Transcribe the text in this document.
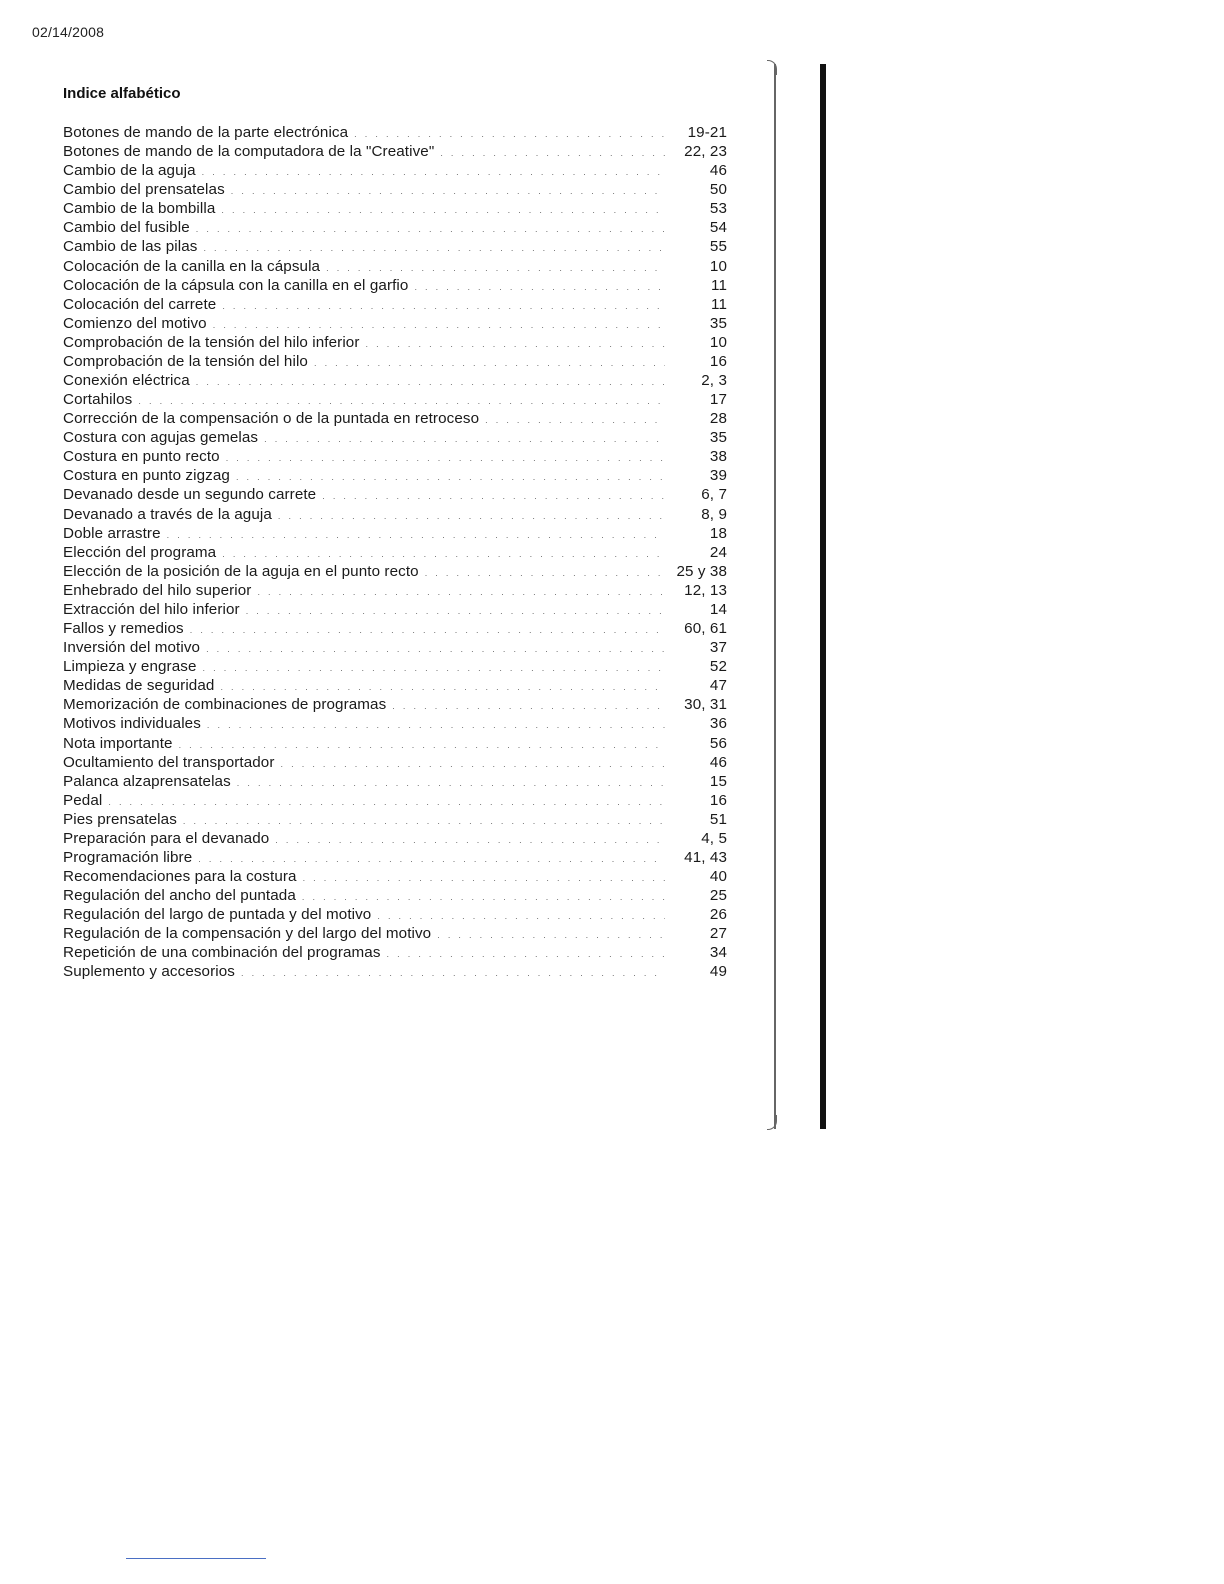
02/14/2008
Indice alfabético
Botones de mando de la parte electrónica . . .	19-21
Botones de mando de la computadora de la "Creative" . . .	22, 23
Cambio de la aguja . . .	46
Cambio del prensatelas . . .	50
Cambio de la bombilla . . .	53
Cambio del fusible . . .	54
Cambio de las pilas . . .	55
Colocación de la canilla en la cápsula . . .	10
Colocación de la cápsula con la canilla en el garfio . . .	11
Colocación del carrete . . .	11
Comienzo del motivo . . .	35
Comprobación de la tensión del hilo inferior . . .	10
Comprobación de la tensión del hilo . . .	16
Conexión eléctrica . . .	2, 3
Cortahilos . . .	17
Corrección de la compensación o de la puntada en retroceso . . .	28
Costura con agujas gemelas . . .	35
Costura en punto recto . . .	38
Costura en punto zigzag . . .	39
Devanado desde un segundo carrete . . .	6, 7
Devanado a través de la aguja . . .	8, 9
Doble arrastre . . .	18
Elección del programa . . .	24
Elección de la posición de la aguja en el punto recto . . .	25 y 38
Enhebrado del hilo superior . . .	12, 13
Extracción del hilo inferior . . .	14
Fallos y remedios . . .	60, 61
Inversión del motivo . . .	37
Limpieza y engrase . . .	52
Medidas de seguridad . . .	47
Memorización de combinaciones de programas . . .	30, 31
Motivos individuales . . .	36
Nota importante . . .	56
Ocultamiento del transportador . . .	46
Palanca alzaprensatelas . . .	15
Pedal . . .	16
Pies prensatelas . . .	51
Preparación para el devanado . . .	4, 5
Programación libre . . .	41, 43
Recomendaciones para la costura . . .	40
Regulación del ancho del puntada . . .	25
Regulación del largo de puntada y del motivo . . .	26
Regulación de la compensación y del largo del motivo . . .	27
Repetición de una combinación del programas . . .	34
Suplemento y accesorios . . .	49
